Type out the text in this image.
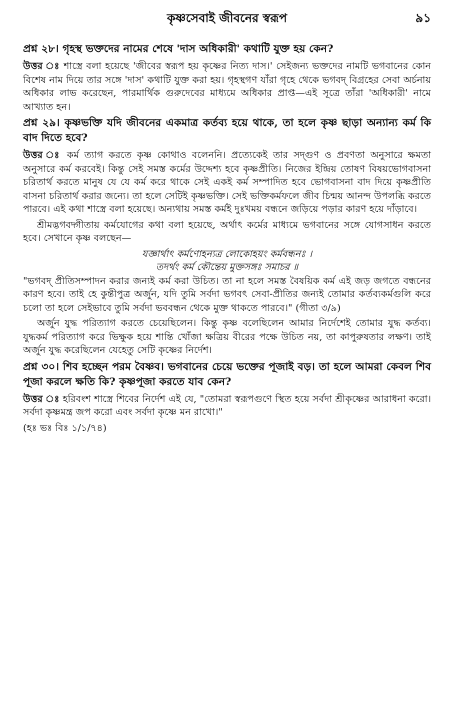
কৃষ্ণসেবাই জীবনের স্বরূপ	৯১
প্রশ্ন ২৮। গৃহস্থ ভক্তদের নামের শেষে 'দাস অধিকারী' কথাটি যুক্ত হয় কেন?

উত্তর ঃ শাস্ত্রে বলা হয়েছে 'জীবের স্বরূপ হয় কৃষ্ণের নিত্য দাস।' সেইজন্য ভক্তদের নামটি ভগবানের কোন বিশেষ নাম দিয়ে তার সঙ্গে 'দাস' কথাটি যুক্ত করা হয়। গৃহস্থগণ যাঁরা গৃহে থেকে ভগবদ্ বিগ্রহের সেবা অর্চনায় অধিকার লাভ করেছেন, পারমার্থিক গুরুদেবের মাধ্যমে অধিকার প্রাপ্ত—এই সূত্রে তাঁরা 'অধিকারী' নামে আখ্যাত হন।

প্রশ্ন ২৯। কৃষ্ণভক্তি যদি জীবনের একমাত্র কর্তব্য হয়ে থাকে, তা হলে কৃষ্ণ ছাড়া অন্যান্য কর্ম কি বাদ দিতে হবে?

উত্তর ঃ কর্ম ত্যাগ করতে কৃষ্ণ কোথাও বলেননি। প্রত্যেকেই তার সদ্গুণ ও প্রবণতা অনুসারে ক্ষমতা অনুসারে কর্ম করবেই। কিন্তু সেই সমস্ত কর্মের উদ্দেশ্য হবে কৃষ্ণপ্রীতি। নিজের ইন্দ্রিয় তোষণ বিষয়ভোগবাসনা চরিতার্থ করতে মানুষ যে যে কর্ম করে থাকে সেই একই কর্ম সম্পাদিত হবে ভোগবাসনা বাদ দিয়ে কৃষ্ণপ্রীতি বাসনা চরিতার্থ করার জন্যে। তা হলে সেটিই কৃষ্ণভক্তি। সেই ভক্তিকর্মফলে জীব চিন্ময় আনন্দ উপলব্ধি করতে পারবে। এই কথা শাস্ত্রে বলা হয়েছে। অন্যথায় সমস্ত কর্মই দুঃখময় বন্ধনে জড়িয়ে পড়ার কারণ হয়ে দাঁড়াবে।

শ্রীমদ্ভগবদ্গীতায় কর্মযোগের কথা বলা হয়েছে, অর্থাৎ কর্মের মাধ্যমে ভগবানের সঙ্গে যোগসাধন করতে হবে। সেখানে কৃষ্ণ বলছেন—

যজ্ঞার্থাৎ কর্মণোহন্যত্র লোকোহয়ং কর্মবন্ধনঃ ।

তদর্থং কর্ম কৌন্তেয় মুক্তসঙ্গঃ সমাচর ॥

"ভগবদ্ প্রীতিসম্পাদন করার জন্যই কর্ম করা উচিত। তা না হলে সমস্ত বৈষয়িক কর্ম এই জড় জগতে বন্ধনের কারণ হবে। তাই হে কুন্তীপুত্র অর্জুন, যদি তুমি সর্বদা ভগবৎ সেবা-প্রীতির জন্যই তোমার কর্তব্যকর্মগুলি করে চলো তা হলে সেইভাবে তুমি সর্বদা ভববন্ধন থেকে মুক্ত থাকতে পারবে।" (গীতা ৩/৯)

অর্জুন যুদ্ধ পরিত্যাগ করতে চেয়েছিলেন। কিন্তু কৃষ্ণ বলেছিলেন আমার নির্দেশেই তোমার যুদ্ধ কর্তব্য। যুদ্ধকর্ম পরিত্যাগ করে ভিক্ষুক হয়ে শান্তি খোঁজা ক্ষত্রিয় বীরের পক্ষে উচিত নয়, তা কাপুরুষতার লক্ষণ। তাই অর্জুন যুদ্ধ করেছিলেন যেহেতু সেটি কৃষ্ণের নির্দেশ।

প্রশ্ন ৩০। শিব হচ্ছেন পরম বৈষ্ণব। ভগবানের চেয়ে ভক্তের পূজাই বড়। তা হলে আমরা কেবল শিব পূজা করলে ক্ষতি কি? কৃষ্ণপূজা করতে যাব কেন?

উত্তর ঃ হরিবংশ শাস্ত্রে শিবের নির্দেশ এই যে, "তোমরা স্বরূপগুণে স্থিত হয়ে সর্বদা শ্রীকৃষ্ণের আরাধনা করো। সর্বদা কৃষ্ণমন্ত্র জপ করো এবং সর্বদা কৃষ্ণে মন রাখো।"

(হঃ ভঃ বিঃ ১/১/৭৪)
